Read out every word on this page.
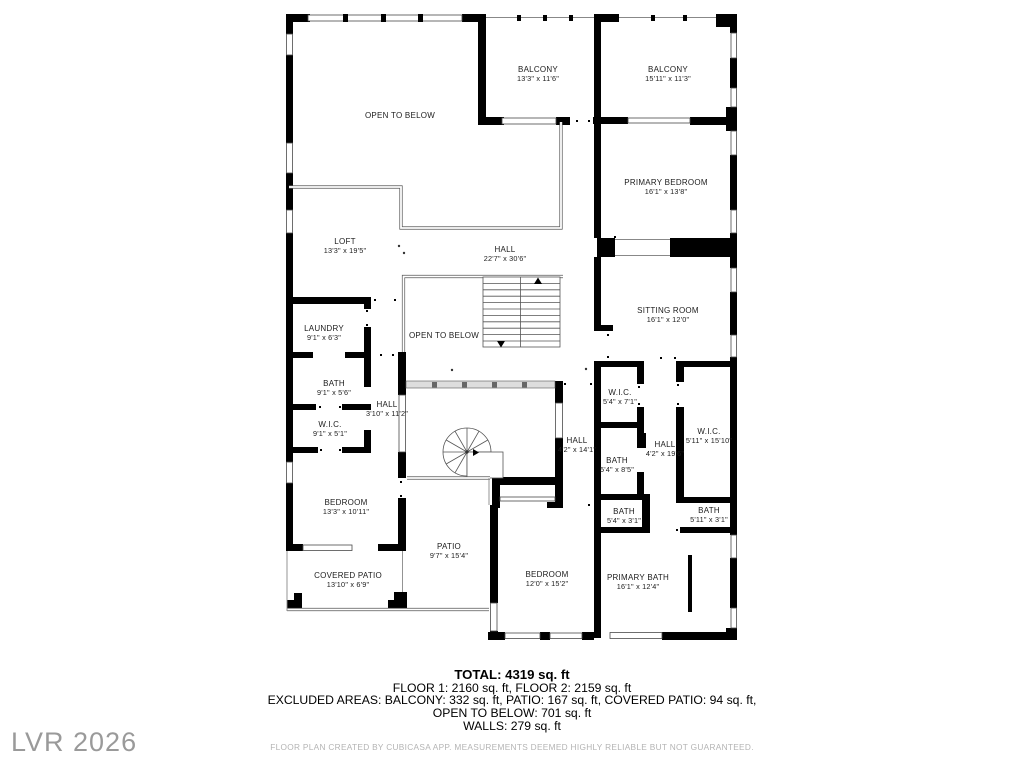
BALCONY
13'3" x 11'6"
BALCONY
15'11" x 11'3"
OPEN TO BELOW
PRIMARY BEDROOM
16'1" x 13'8"
LOFT
13'3" x 19'5"	HALL
22'7" x 30'6"
SITTING ROOM
16'1" x 12'0"
LAUNDRY
9'1" x 6'3"	OPEN TO BELOW
BATH
9'1" x 5'6"
W.I.C.
9'1" x 5'1"
HALL
3'10" x 11'2"
W.I.C.
5'4" x 7'1"
HALL
4'2" x 14'1"
HALL
4'2" x 19'6"
W.I.C.
5'11" x 15'10"
BATH
5'4" x 8'5"
BEDROOM
13'3" x 10'11"	BATH
5'4" x 3'1"
BATH
5'11" x 3'1"
COVERED PATIO
13'10" x 6'9"
PATIO
9'7" x 15'4"
BEDROOM
12'0" x 15'2"
PRIMARY BATH
16'1" x 12'4"
TOTAL: 4319 sq. ft
FLOOR 1: 2160 sq. ft, FLOOR 2: 2159 sq. ft
EXCLUDED AREAS: BALCONY: 332 sq. ft, PATIO: 167 sq. ft, COVERED PATIO: 94 sq. ft,
OPEN TO BELOW: 701 sq. ft
WALLS: 279 sq. ft
FLOOR PLAN CREATED BY CUBICASA APP. MEASUREMENTS DEEMED HIGHLY RELIABLE BUT NOT GUARANTEED.
LVR 2026
